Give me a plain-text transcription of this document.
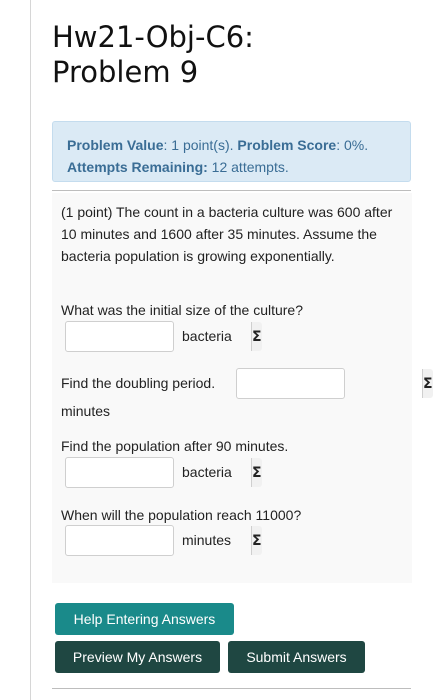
Hw21-Obj-C6:
Problem 9
Problem Value: 1 point(s). Problem Score: 0%. Attempts Remaining: 12 attempts.

(1 point) The count in a bacteria culture was 600 after 10 minutes and 1600 after 35 minutes. Assume the bacteria population is growing exponentially.

What was the initial size of the culture?
Σ
bacteria
Find the doubling period.	Σ
minutes
Find the population after 90 minutes.
Σ
bacteria
When will the population reach 11000?
Σ
minutes
Help Entering Answers
Preview My Answers	Submit Answers
